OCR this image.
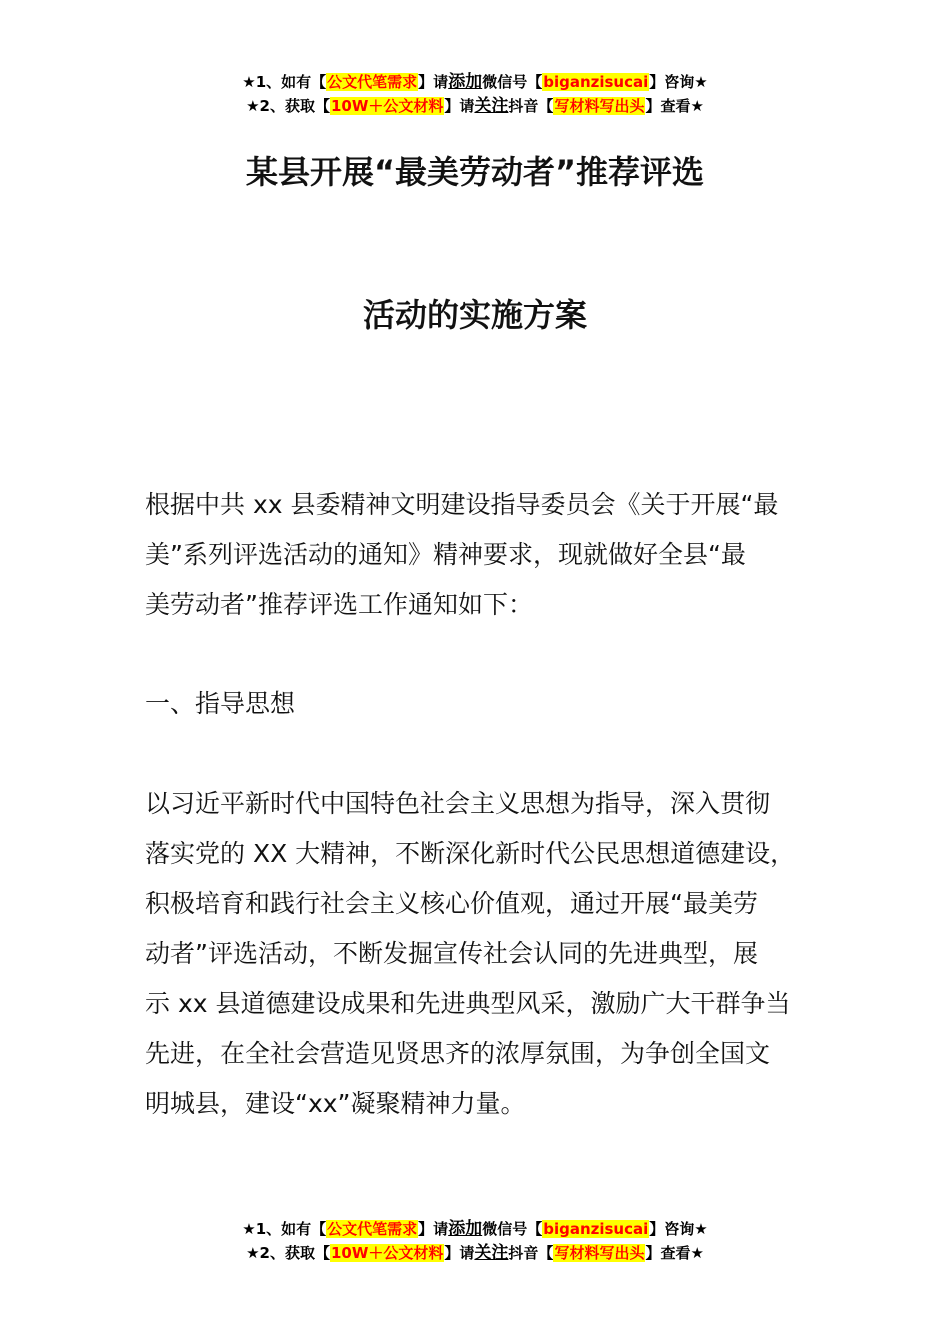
★1、如有【公文代笔需求】请添加微信号【biganzisucai】咨询★
★2、获取【10W＋公文材料】请关注抖音【写材料写出头】查看★
某县开展“最美劳动者”推荐评选
活动的实施方案
根据中共 xx 县委精神文明建设指导委员会《关于开展“最
美”系列评选活动的通知》精神要求，现就做好全县“最
美劳动者”推荐评选工作通知如下：
一、指导思想
以习近平新时代中国特色社会主义思想为指导，深入贯彻
落实党的 XX 大精神，不断深化新时代公民思想道德建设，
积极培育和践行社会主义核心价值观，通过开展“最美劳
动者”评选活动，不断发掘宣传社会认同的先进典型，展
示 xx 县道德建设成果和先进典型风采，激励广大干群争当
先进，在全社会营造见贤思齐的浓厚氛围，为争创全国文
明城县，建设“xx”凝聚精神力量。
★1、如有【公文代笔需求】请添加微信号【biganzisucai】咨询★
★2、获取【10W＋公文材料】请关注抖音【写材料写出头】查看★
